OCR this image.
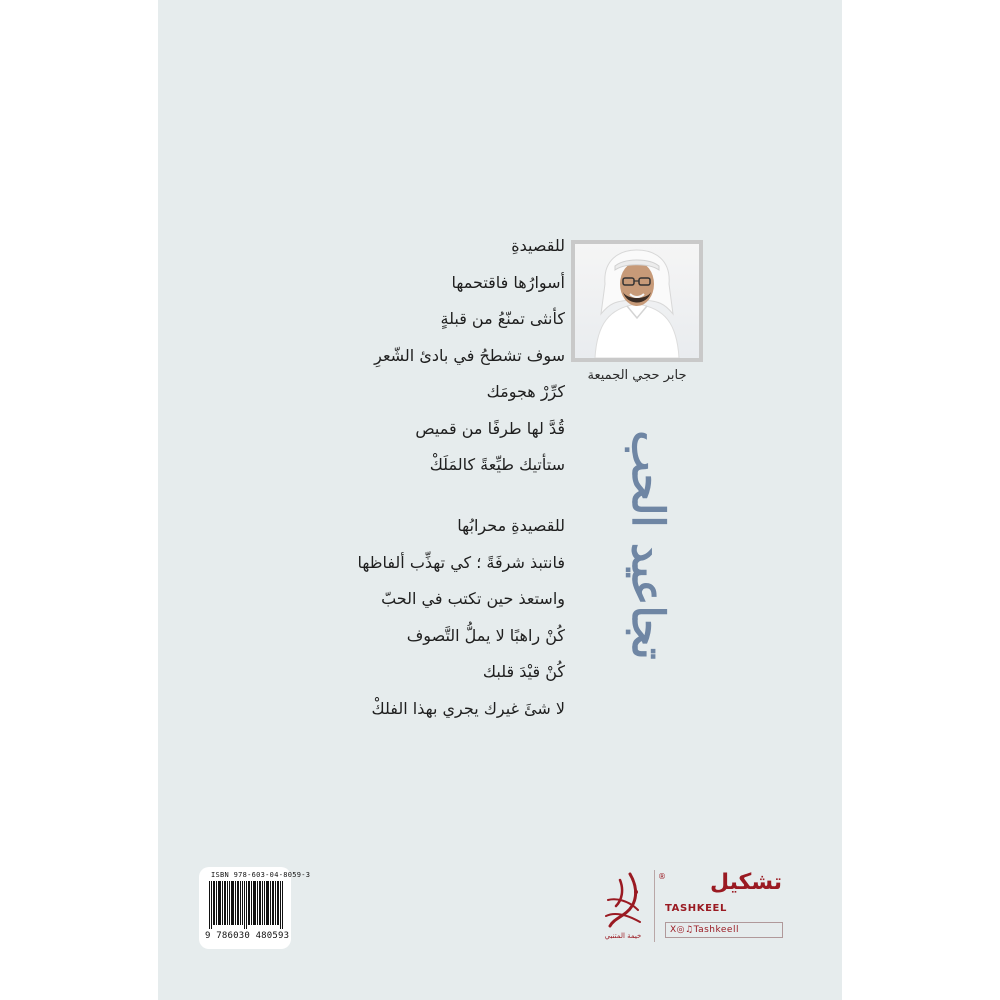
للقصيدةِ
أسوارُها فاقتحمها
كأنثى تمنّعُ من قبلةٍ
سوف تشطحُ في بادئ الشّعرِ
كرِّرْ هجومَك
قُدَّ لها طرفًا من قميص
ستأتيك طيِّعةً كالمَلَكْ
للقصيدةِ محرابُها
فانتبذ شرفَةً ؛ كي تهذِّب ألفاظها
واستعذ حين تكتب في الحبّ
كُنْ راهبًا لا يملُّ التَّصوف
كُنْ قيْدَ قلبك
لا شئَ غيرك يجري بهذا الفلكْ
جابر حجي الجميعة
تجاعيد الحب
ISBN 978-603-04-8059-3
9 786030 480593	خيمة المتنبي
® تشكيل
TASHKEEL
X◎♫Tashkeell
